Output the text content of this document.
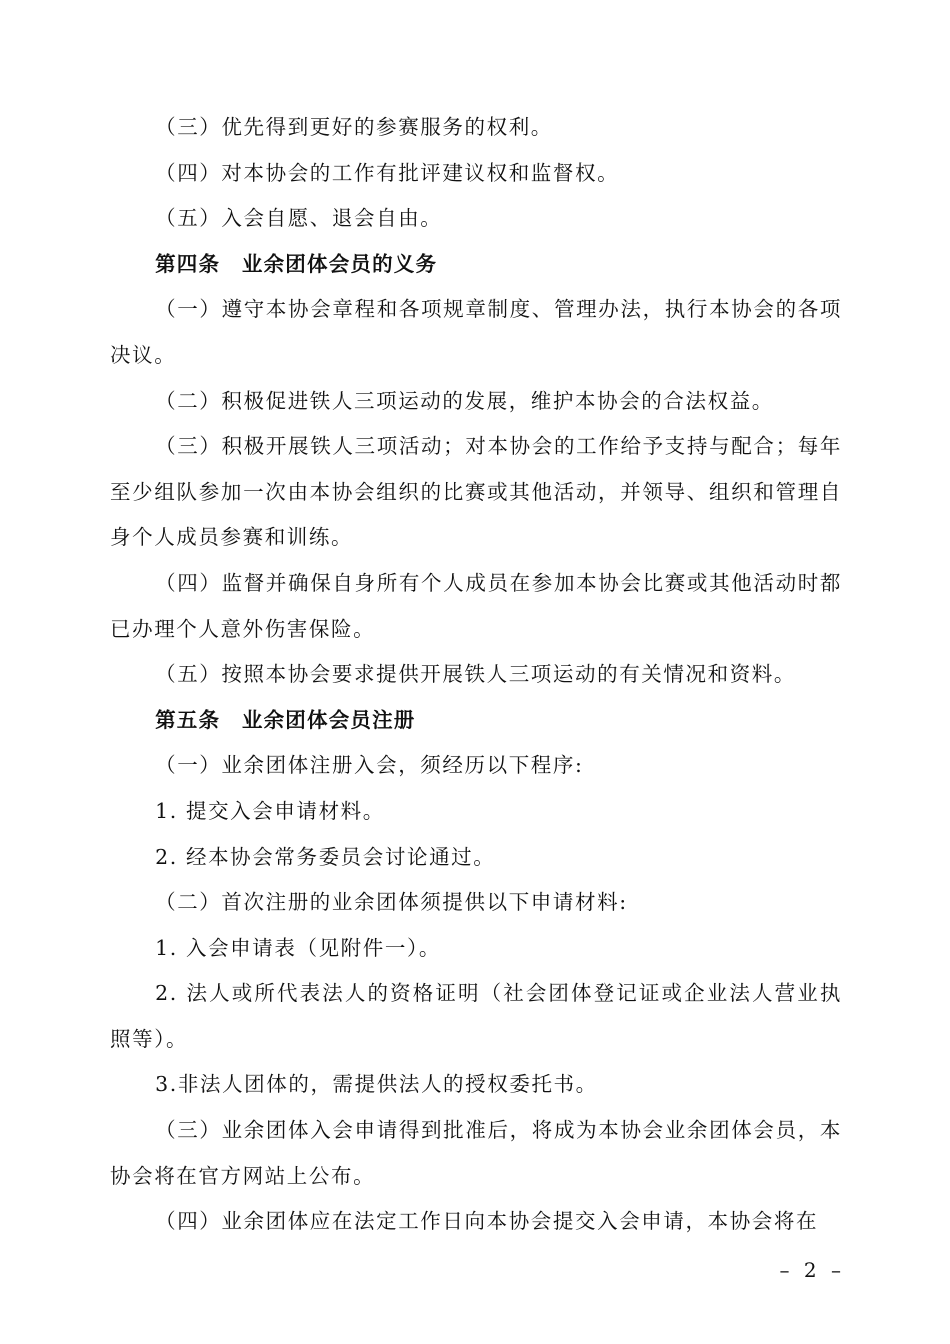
（三）优先得到更好的参赛服务的权利。

（四）对本协会的工作有批评建议权和监督权。

（五）入会自愿、退会自由。

第四条　业余团体会员的义务

（一）遵守本协会章程和各项规章制度、管理办法，执行本协会的各项决议。

（二）积极促进铁人三项运动的发展，维护本协会的合法权益。

（三）积极开展铁人三项活动；对本协会的工作给予支持与配合；每年至少组队参加一次由本协会组织的比赛或其他活动，并领导、组织和管理自身个人成员参赛和训练。

（四）监督并确保自身所有个人成员在参加本协会比赛或其他活动时都已办理个人意外伤害保险。

（五）按照本协会要求提供开展铁人三项运动的有关情况和资料。

第五条　业余团体会员注册

（一）业余团体注册入会，须经历以下程序:

1. 提交入会申请材料。

2. 经本协会常务委员会讨论通过。

（二）首次注册的业余团体须提供以下申请材料:

1. 入会申请表（见附件一）。

2. 法人或所代表法人的资格证明（社会团体登记证或企业法人营业执照等）。

3.非法人团体的，需提供法人的授权委托书。

（三）业余团体入会申请得到批准后，将成为本协会业余团体会员，本协会将在官方网站上公布。

（四）业余团体应在法定工作日向本协会提交入会申请，本协会将在

– 2 –
